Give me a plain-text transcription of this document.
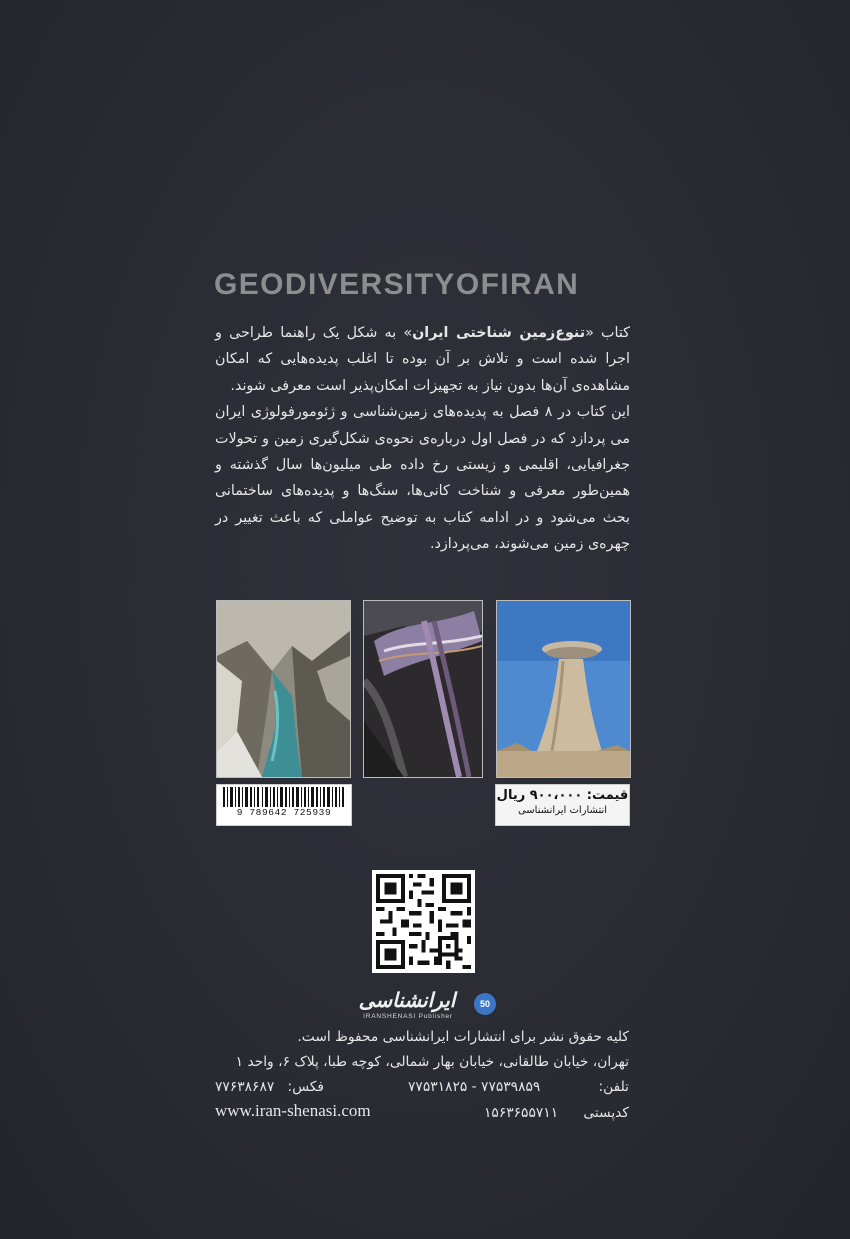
GEODIVERSITYOFIRAN

کتاب «تنوع‌زمین شناختی ایران» به شکل یک راهنما طراحی و اجرا شده است و تلاش بر آن بوده تا اغلب پدیده‌هایی که امکان مشاهده‌ی آن‌ها بدون نیاز به تجهیزات امکان‌پذیر است معرفی شوند.

این کتاب در ۸ فصل به پدیده‌های زمین‌شناسی و ژئومورفولوژی ایران می پردازد که در فصل اول درباره‌ی نحوه‌ی شکل‌گیری زمین و تحولات جغرافیایی، اقلیمی و زیستی رخ داده طی میلیون‌ها سال گذشته و همین‌طور معرفی و شناخت کانی‌ها، سنگ‌ها و پدیده‌های ساختمانی بحث می‌شود و در ادامه کتاب به توضیح عواملی که باعث تغییر در چهره‌ی زمین می‌شوند، می‌پردازد.

9 789642 725939
قیمت: ۹۰۰،۰۰۰ ریال
انتشارات ایرانشناسی
ایرانشناسی
IRANSHENASI Publisher
50
کلیه حقوق نشر برای انتشارات ایرانشناسی محفوظ است.
تهران، خیابان طالقانی، خیابان بهار شمالی، کوچه طبا، پلاک ۶، واحد ۱
تلفن:
۷۷۵۳۱۸۲۵ - ۷۷۵۳۹۸۵۹
فکس:
۷۷۶۳۸۶۸۷
کدپستی
۱۵۶۳۶۵۵۷۱۱
www.iran-shenasi.com
